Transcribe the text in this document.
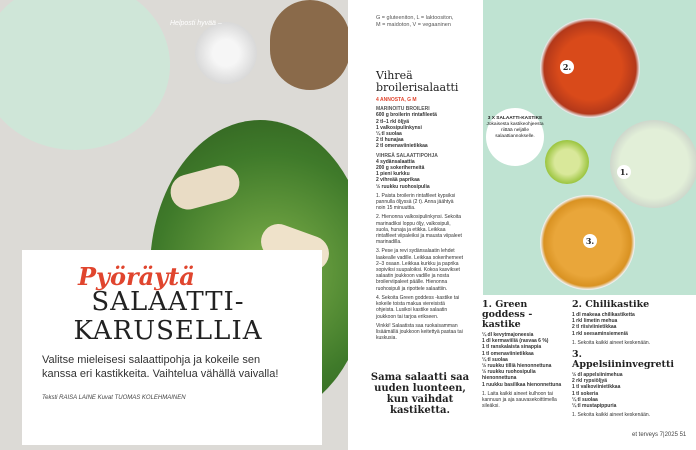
Helposti hyvää –
Pyöräytä
SALAATTI-
KARUSELLIA
Valitse mieleisesi salaattipohja ja kokeile sen kanssa eri kastikkeita. Vaihtelua vähällä vaivalla!
Teksti RAISA LAINE Kuvat TUOMAS KOLEHMAINEN
G = gluteeniton, L = laktoositon,
M = maidoton, V = vegaaninen
Vihreä
broilerisalaatti
4 ANNOSTA, G M
MARINOITU BROILERI
600 g broilerin rintafileetä
2 tl–1 rkl öljyä
1 valkosipulinkynsi
¼ tl suolaa
2 tl hunajaa
2 tl omenaviinietikkaa
VIHREÄ SALAATTIPOHJA
4 sydänsalaattia
200 g sokeriherneitä
1 pieni kurkku
2 vihreää paprikaa
½ ruukku ruohosipulia
1. Paista broilerin rintafileet kypsiksi pannulla öljyssä (2 t). Anna jäähtyä noin 15 minuuttia.
2. Hienonna valkosipulinkynsi. Sekoita marinadiksi loppu öljy, valkosipuli, suola, hunaja ja etikka. Leikkaa rintafileet viipaleiksi ja mausta viipaleet marinadilla.
3. Pese ja revi sydänsalaatin lehdet laakealle vadille. Leikkaa sokeriherneet 2–3 osaan. Leikkaa kurkku ja paprika sopiviksi suupaloiksi. Kokoa kasvikset salaatin joukkoon vadille ja nosta broilerviipaleet päälle. Hienonna ruohosipuli ja ripottele salaattiin.
4. Sekoita Green goddess -kastike tai kokeile toista makua viereisistä ohjeista. Lusikoi kastike salaatin joukkoon tai tarjoa erikseen.
Vinkki! Salaatista saa ruokaisamman lisäämällä joukkoon keitettyä pastaa tai kuskusia.
2.
1.
3.
3 X SALAATTI-KASTIKE
Jokaisesta kastikeohjeesta riittää neljälle salaattiannokselle.
Sama salaatti saa uuden luonteen, kun vaihdat kastiketta.
1. Green goddess -kastike
¼ dl kevytmajoneesia
1 dl kermaviiliä (rasvaa 6 %)
1 tl ranskalaista sinappia
1 tl omenaviinietikkaa
¼ tl suolaa
½ ruukku tilliä hienonnettuna
½ ruukku ruohosipulia hienonnettuna
1 ruukku basilikaa hienonnettuna
1. Laita kaikki aineet kulhoon tai kannuun ja aja sauvasekoittimella sileäksi.
2. Chilikastike
1 dl makeaa chilikastiketta
1 rkl limetin mehua
2 tl riisiviinietikkaa
1 rkl seesaminsiemeniä
1. Sekoita kaikki aineet keskenään.
3. Appelsiininvegretti
½ dl appelsiinimehua
2 rkl rypsiöljyä
1 tl valkoviinietikkaa
1 tl sokeria
¼ tl suolaa
¼ tl mustapippuria
1. Sekoita kaikki aineet keskenään.
et terveys 7|2025 51
